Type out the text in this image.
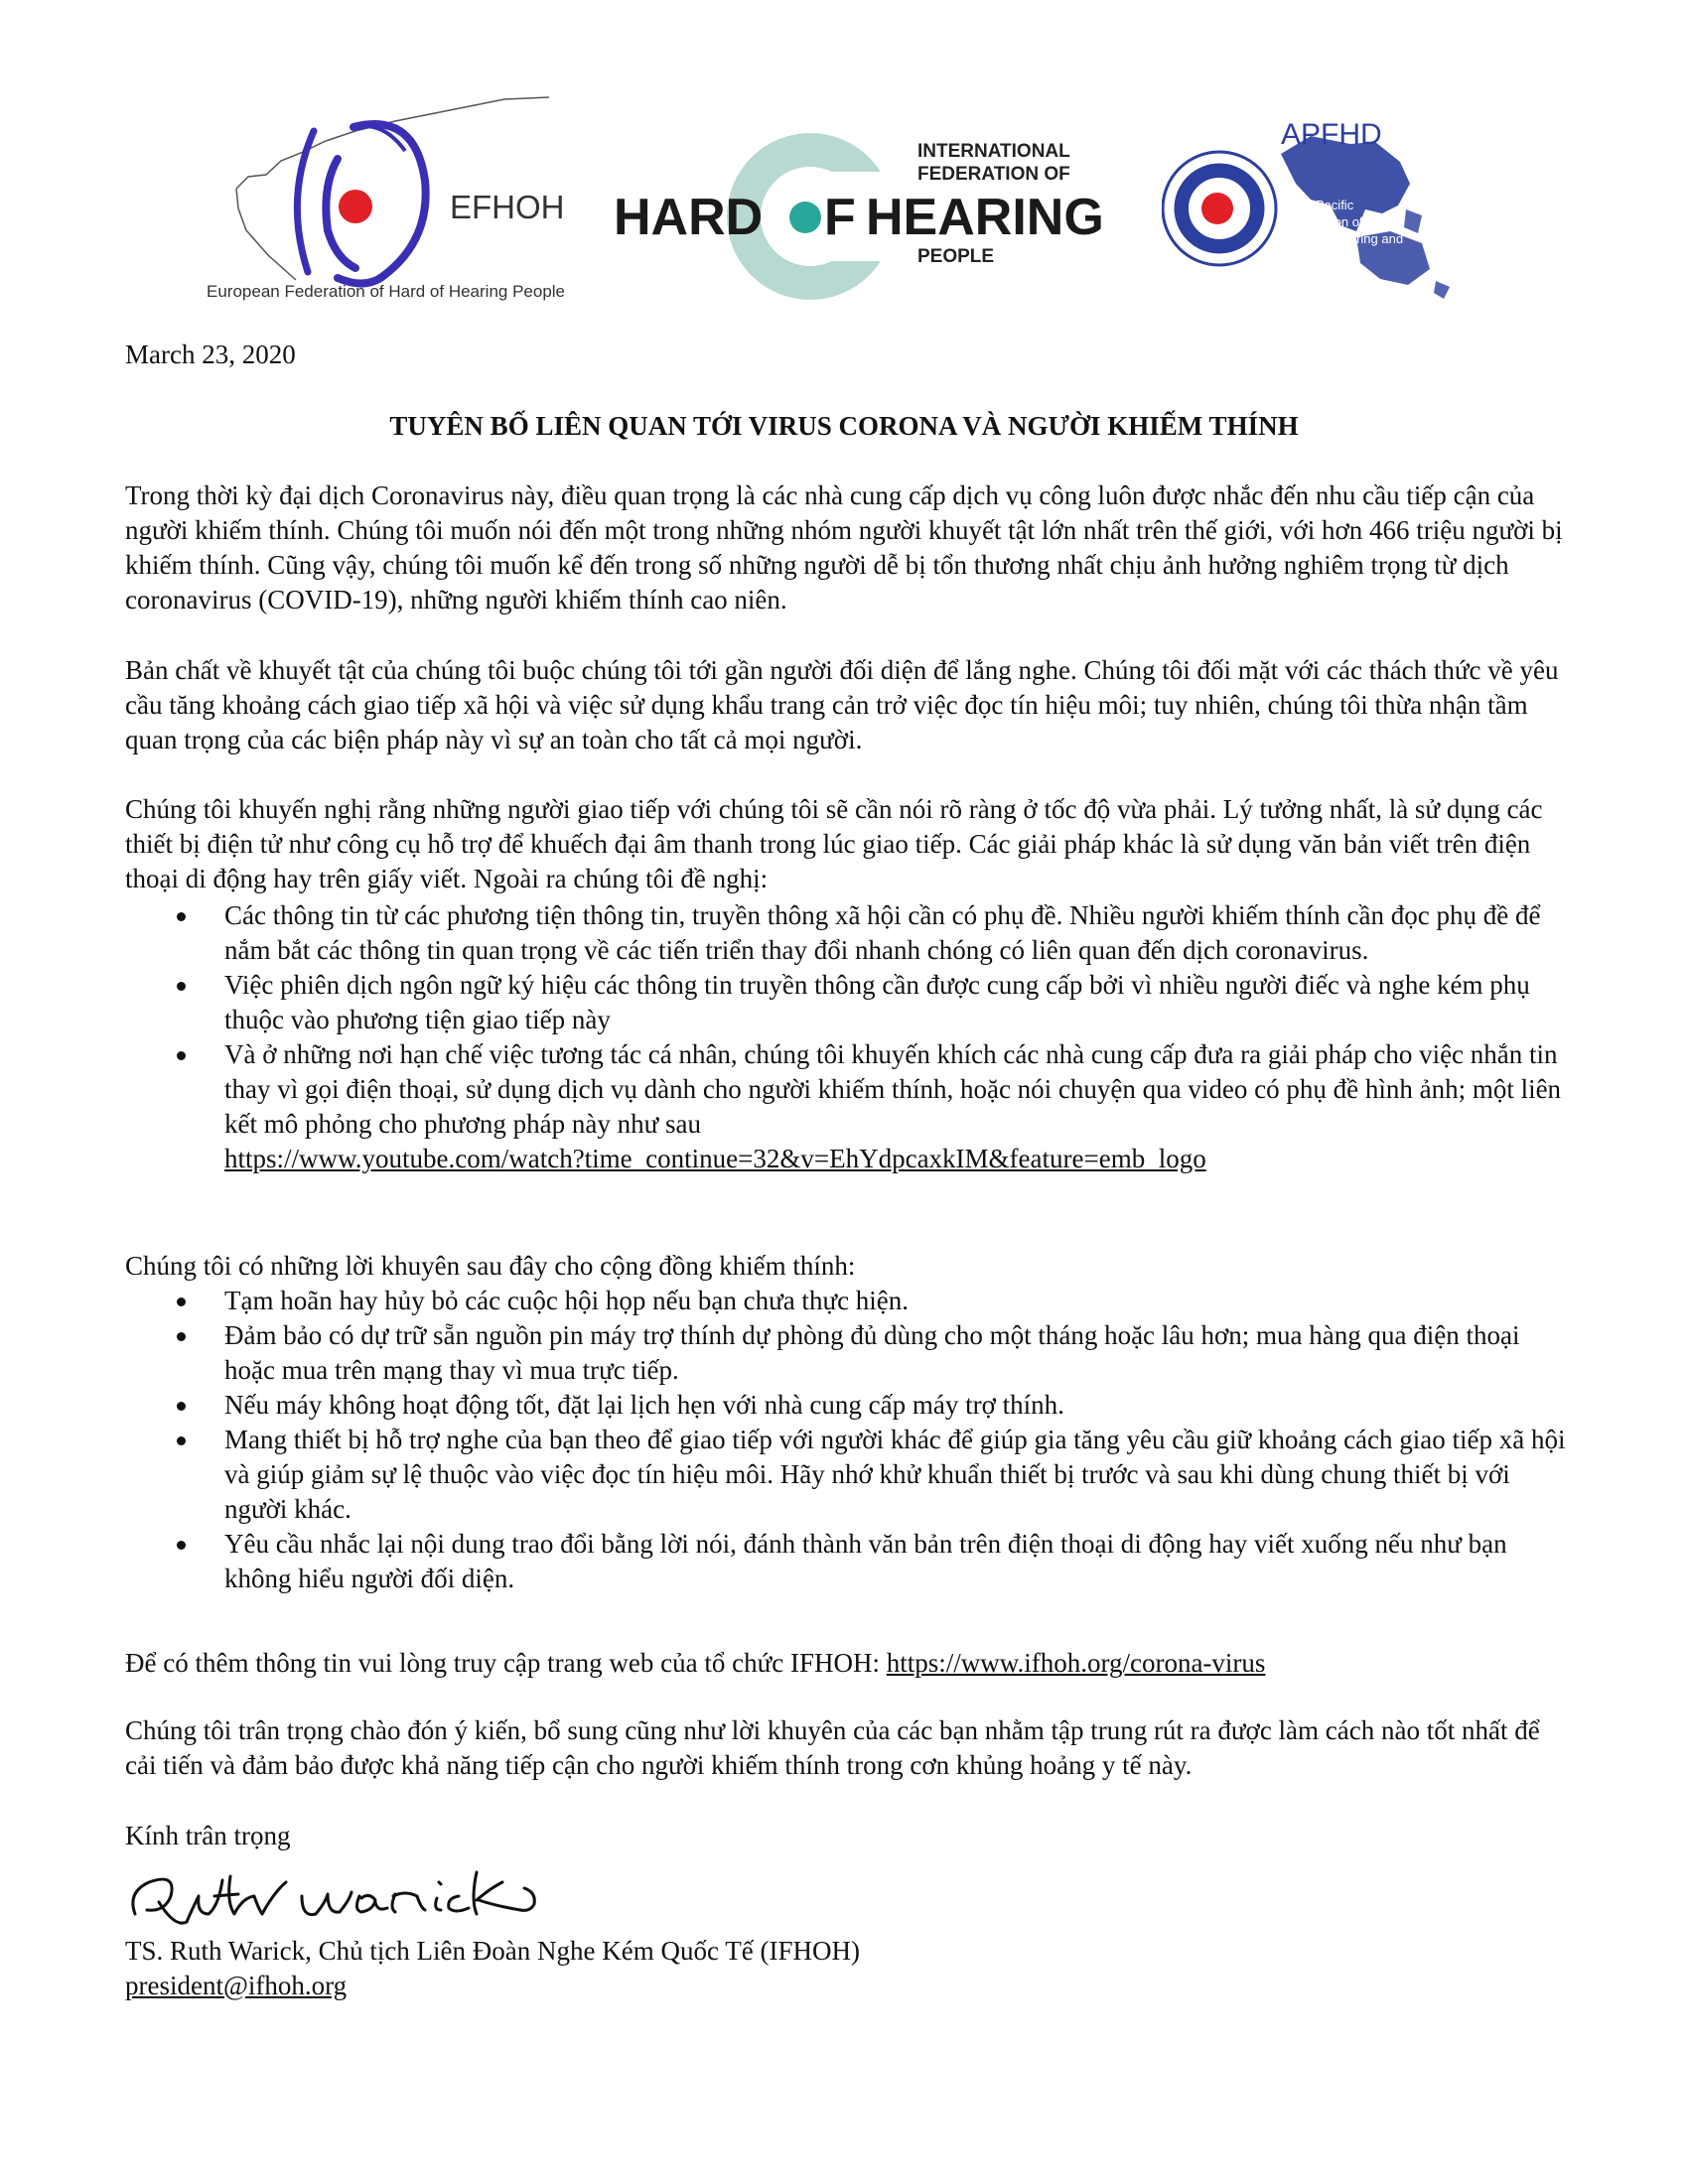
EFHOH
European Federation of Hard of Hearing People
INTERNATIONAL
FEDERATION OF
HARD F HEARING
PEOPLE
APFHD
Asia Pacific
Federation of the
Hard of Hearing and
Deafened

March 23, 2020

TUYÊN BỐ LIÊN QUAN TỚI VIRUS CORONA VÀ NGƯỜI KHIẾM THÍNH

Trong thời kỳ đại dịch Coronavirus này, điều quan trọng là các nhà cung cấp dịch vụ công luôn được nhắc đến nhu cầu tiếp cận của người khiếm thính. Chúng tôi muốn nói đến một trong những nhóm người khuyết tật lớn nhất trên thế giới, với hơn 466 triệu người bị khiếm thính. Cũng vậy, chúng tôi muốn kể đến trong số những người dễ bị tổn thương nhất chịu ảnh hưởng nghiêm trọng từ dịch coronavirus (COVID-19), những người khiếm thính cao niên.

Bản chất về khuyết tật của chúng tôi buộc chúng tôi tới gần người đối diện để lắng nghe. Chúng tôi đối mặt với các thách thức về yêu cầu tăng khoảng cách giao tiếp xã hội và việc sử dụng khẩu trang cản trở việc đọc tín hiệu môi; tuy nhiên, chúng tôi thừa nhận tầm quan trọng của các biện pháp này vì sự an toàn cho tất cả mọi người.

Chúng tôi khuyến nghị rằng những người giao tiếp với chúng tôi sẽ cần nói rõ ràng ở tốc độ vừa phải. Lý tưởng nhất, là sử dụng các thiết bị điện tử như công cụ hỗ trợ để khuếch đại âm thanh trong lúc giao tiếp. Các giải pháp khác là sử dụng văn bản viết trên điện thoại di động hay trên giấy viết. Ngoài ra chúng tôi đề nghị:

Các thông tin từ các phương tiện thông tin, truyền thông xã hội cần có phụ đề. Nhiều người khiếm thính cần đọc phụ đề để nắm bắt các thông tin quan trọng về các tiến triển thay đổi nhanh chóng có liên quan đến dịch coronavirus.
Việc phiên dịch ngôn ngữ ký hiệu các thông tin truyền thông cần được cung cấp bởi vì nhiều người điếc và nghe kém phụ thuộc vào phương tiện giao tiếp này
Và ở những nơi hạn chế việc tương tác cá nhân, chúng tôi khuyến khích các nhà cung cấp đưa ra giải pháp cho việc nhắn tin thay vì gọi điện thoại, sử dụng dịch vụ dành cho người khiếm thính, hoặc nói chuyện qua video có phụ đề hình ảnh; một liên kết mô phỏng cho phương pháp này như sau
https://www.youtube.com/watch?time_continue=32&v=EhYdpcaxkIM&feature=emb_logo

Chúng tôi có những lời khuyên sau đây cho cộng đồng khiếm thính:

Tạm hoãn hay hủy bỏ các cuộc hội họp nếu bạn chưa thực hiện.
Đảm bảo có dự trữ sẵn nguồn pin máy trợ thính dự phòng đủ dùng cho một tháng hoặc lâu hơn; mua hàng qua điện thoại hoặc mua trên mạng thay vì mua trực tiếp.
Nếu máy không hoạt động tốt, đặt lại lịch hẹn với nhà cung cấp máy trợ thính.
Mang thiết bị hỗ trợ nghe của bạn theo để giao tiếp với người khác để giúp gia tăng yêu cầu giữ khoảng cách giao tiếp xã hội và giúp giảm sự lệ thuộc vào việc đọc tín hiệu môi. Hãy nhớ khử khuẩn thiết bị trước và sau khi dùng chung thiết bị với người khác.
Yêu cầu nhắc lại nội dung trao đổi bằng lời nói, đánh thành văn bản trên điện thoại di động hay viết xuống nếu như bạn không hiểu người đối diện.

Để có thêm thông tin vui lòng truy cập trang web của tổ chức IFHOH: https://www.ifhoh.org/corona-virus

Chúng tôi trân trọng chào đón ý kiến, bổ sung cũng như lời khuyên của các bạn nhằm tập trung rút ra được làm cách nào tốt nhất để cải tiến và đảm bảo được khả năng tiếp cận cho người khiếm thính trong cơn khủng hoảng y tế này.

Kính trân trọng

TS. Ruth Warick, Chủ tịch Liên Đoàn Nghe Kém Quốc Tế (IFHOH)

president@ifhoh.org
